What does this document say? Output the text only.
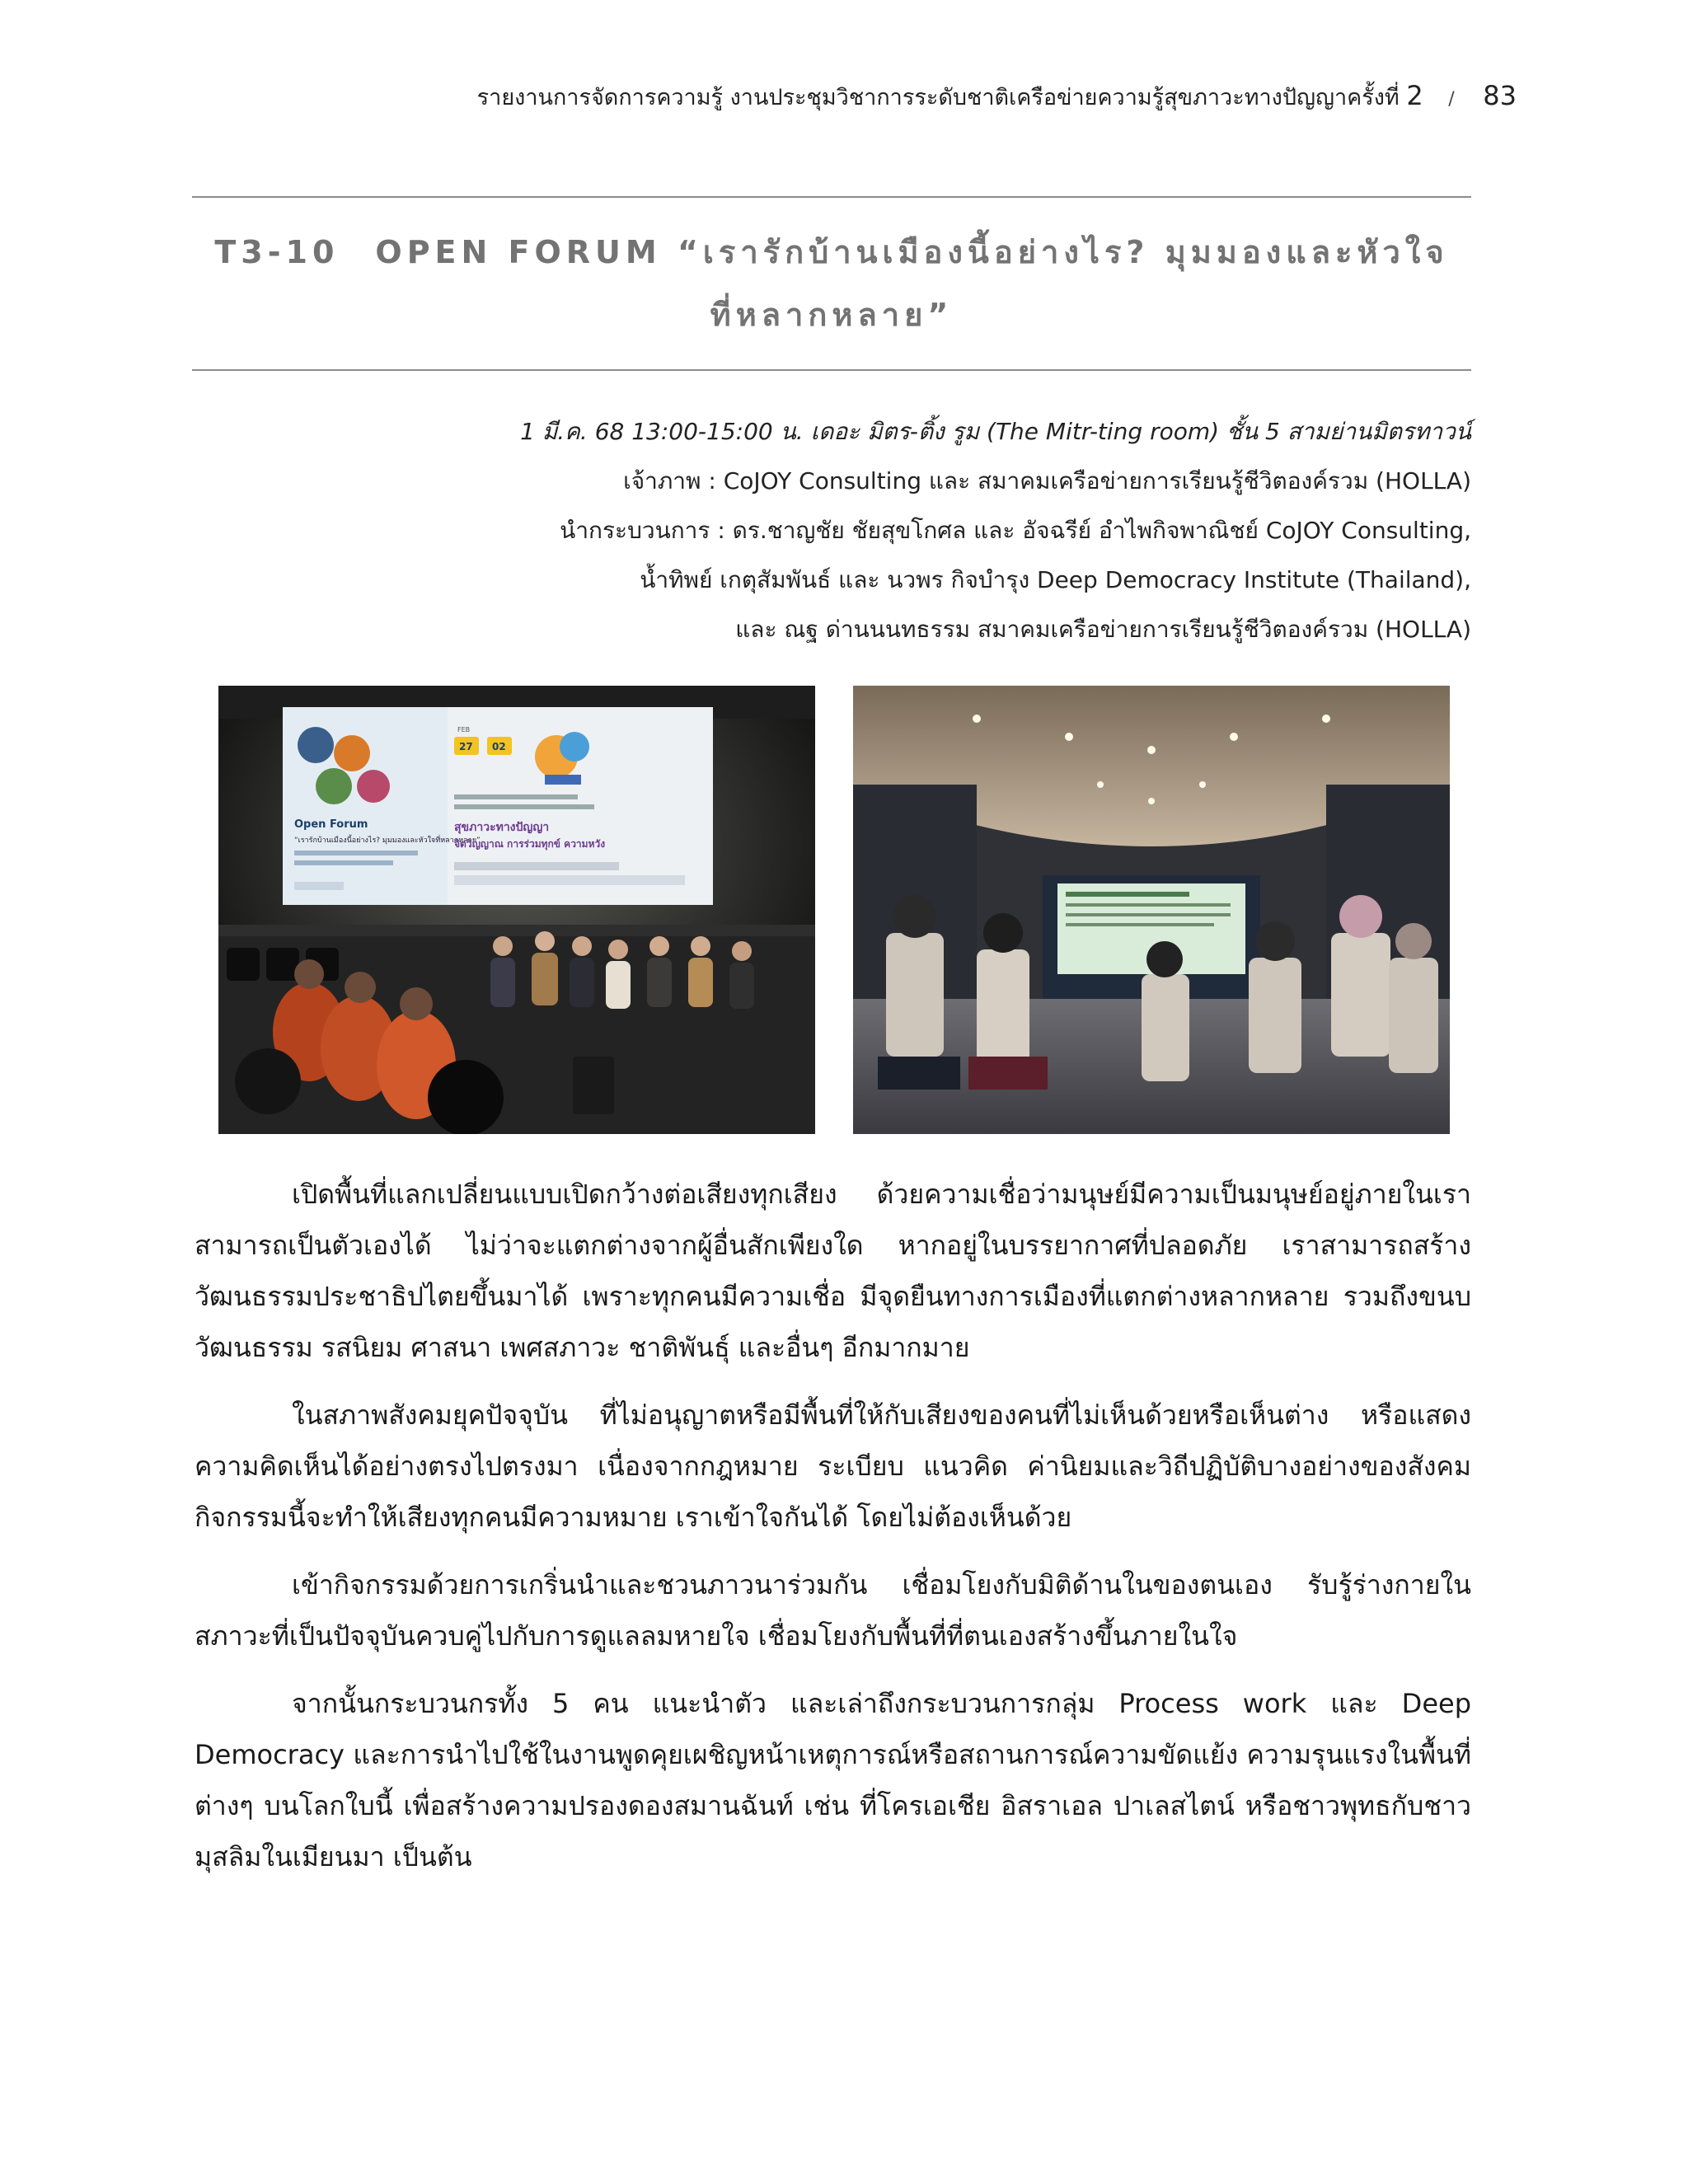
รายงานการจัดการความรู้ งานประชุมวิชาการระดับชาติเครือข่ายความรู้สุขภาวะทางปัญญาครั้งที่ 2 / 83
T3-10 OPEN FORUM “เรารักบ้านเมืองนี้อย่างไร? มุมมองและหัวใจ
ที่หลากหลาย”
1 มี.ค. 68 13:00-15:00 น. เดอะ มิตร-ติ้ง รูม (The Mitr-ting room) ชั้น 5 สามย่านมิตรทาวน์
เจ้าภาพ : CoJOY Consulting และ สมาคมเครือข่ายการเรียนรู้ชีวิตองค์รวม (HOLLA)
นำกระบวนการ : ดร.ชาญชัย ชัยสุขโกศล และ อัจฉรีย์ อำไพกิจพาณิชย์ CoJOY Consulting,
น้ำทิพย์ เกตุสัมพันธ์ และ นวพร กิจบำรุง Deep Democracy Institute (Thailand),
และ ณฐ ด่านนนทธรรม สมาคมเครือข่ายการเรียนรู้ชีวิตองค์รวม (HOLLA)
Open Forum
“เรารักบ้านเมืองนี้อย่างไร? มุมมองและหัวใจที่หลากหลาย”
FEB
27 02
สุขภาวะทางปัญญา
จิตวิญญาณ การร่วมทุกข์ ความหวัง

เปิดพื้นที่แลกเปลี่ยนแบบเปิดกว้างต่อเสียงทุกเสียง ด้วยความเชื่อว่ามนุษย์มีความเป็นมนุษย์อยู่ภายในเราสามารถเป็นตัวเองได้ ไม่ว่าจะแตกต่างจากผู้อื่นสักเพียงใด หากอยู่ในบรรยากาศที่ปลอดภัย เราสามารถสร้างวัฒนธรรมประชาธิปไตยขึ้นมาได้ เพราะทุกคนมีความเชื่อ มีจุดยืนทางการเมืองที่แตกต่างหลากหลาย รวมถึงขนบวัฒนธรรม รสนิยม ศาสนา เพศสภาวะ ชาติพันธุ์ และอื่นๆ อีกมากมาย

ในสภาพสังคมยุคปัจจุบัน ที่ไม่อนุญาตหรือมีพื้นที่ให้กับเสียงของคนที่ไม่เห็นด้วยหรือเห็นต่าง หรือแสดงความคิดเห็นได้อย่างตรงไปตรงมา เนื่องจากกฎหมาย ระเบียบ แนวคิด ค่านิยมและวิถีปฏิบัติบางอย่างของสังคม กิจกรรมนี้จะทำให้เสียงทุกคนมีความหมาย เราเข้าใจกันได้ โดยไม่ต้องเห็นด้วย

เข้ากิจกรรมด้วยการเกริ่นนำและชวนภาวนาร่วมกัน เชื่อมโยงกับมิติด้านในของตนเอง รับรู้ร่างกายในสภาวะที่เป็นปัจจุบันควบคู่ไปกับการดูแลลมหายใจ เชื่อมโยงกับพื้นที่ที่ตนเองสร้างขึ้นภายในใจ

จากนั้นกระบวนกรทั้ง 5 คน แนะนำตัว และเล่าถึงกระบวนการกลุ่ม Process work และ Deep Democracy และการนำไปใช้ในงานพูดคุยเผชิญหน้าเหตุการณ์หรือสถานการณ์ความขัดแย้ง ความรุนแรงในพื้นที่ต่างๆ บนโลกใบนี้ เพื่อสร้างความปรองดองสมานฉันท์ เช่น ที่โครเอเชีย อิสราเอล ปาเลสไตน์ หรือชาวพุทธกับชาวมุสลิมในเมียนมา เป็นต้น
